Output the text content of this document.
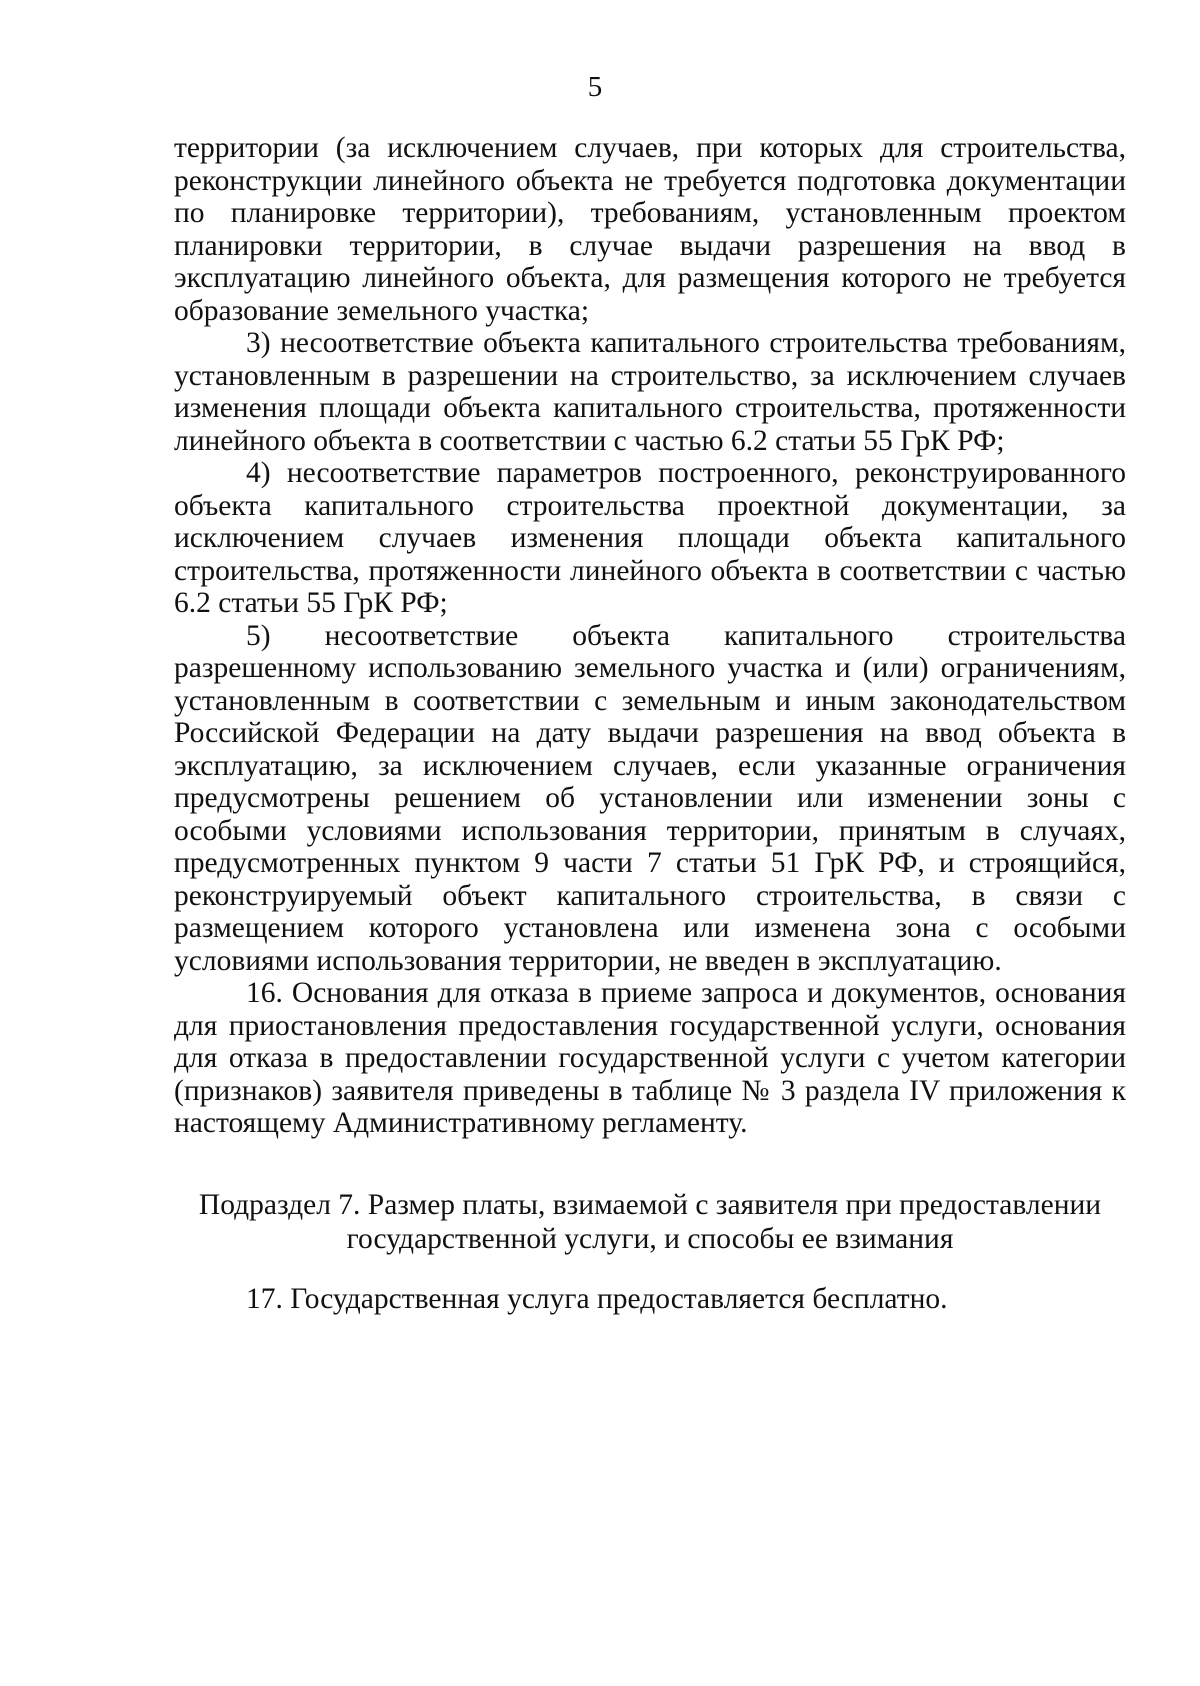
5

территории (за исключением случаев, при которых для строительства, реконструкции линейного объекта не требуется подготовка документации по планировке территории), требованиям, установленным проектом планировки территории, в случае выдачи разрешения на ввод в эксплуатацию линейного объекта, для размещения которого не требуется образование земельного участка;

3) несоответствие объекта капитального строительства требованиям, установленным в разрешении на строительство, за исключением случаев изменения площади объекта капитального строительства, протяженности линейного объекта в соответствии с частью 6.2 статьи 55 ГрК РФ;

4) несоответствие параметров построенного, реконструированного объекта капитального строительства проектной документации, за исключением случаев изменения площади объекта капитального строительства, протяженности линейного объекта в соответствии с частью 6.2 статьи 55 ГрК РФ;

5) несоответствие объекта капитального строительства разрешенному использованию земельного участка и (или) ограничениям, установленным в соответствии с земельным и иным законодательством Российской Федерации на дату выдачи разрешения на ввод объекта в эксплуатацию, за исключением случаев, если указанные ограничения предусмотрены решением об установлении или изменении зоны с особыми условиями использования территории, принятым в случаях, предусмотренных пунктом 9 части 7 статьи 51 ГрК РФ, и строящийся, реконструируемый объект капитального строительства, в связи с размещением которого установлена или изменена зона с особыми условиями использования территории, не введен в эксплуатацию.

16. Основания для отказа в приеме запроса и документов, основания для приостановления предоставления государственной услуги, основания для отказа в предоставлении государственной услуги с учетом категории (признаков) заявителя приведены в таблице № 3 раздела IV приложения к настоящему Административному регламенту.

Подраздел 7. Размер платы, взимаемой с заявителя при предоставлении
государственной услуги, и способы ее взимания

17. Государственная услуга предоставляется бесплатно.
